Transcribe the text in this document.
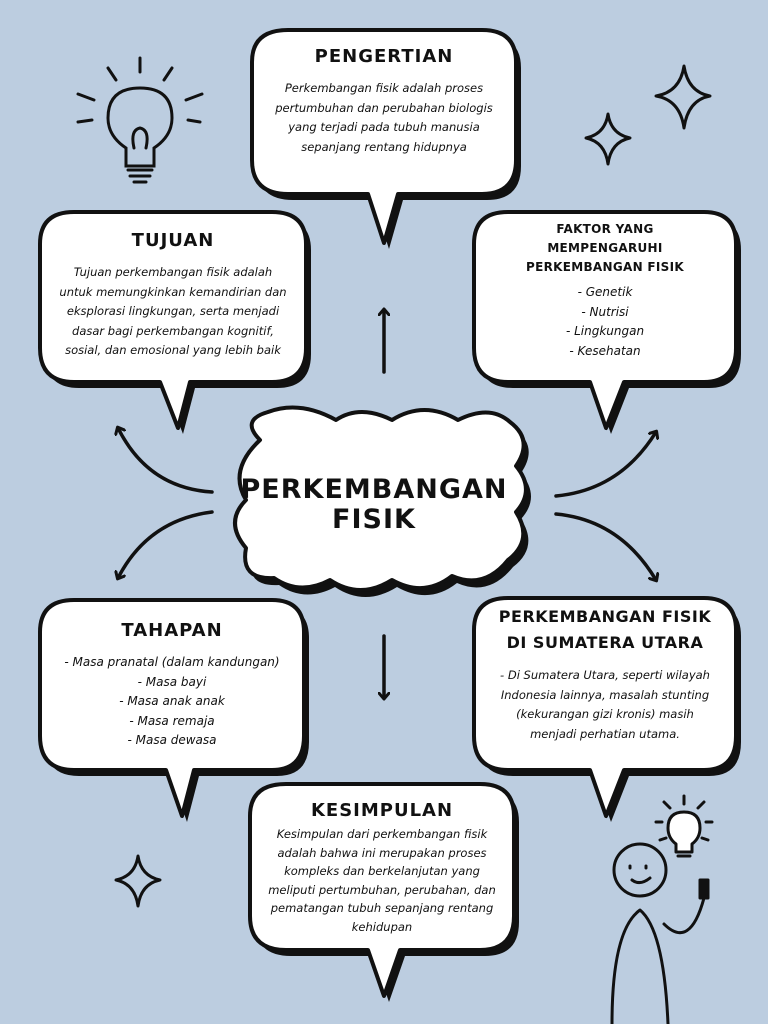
PENGERTIAN
Perkembangan fisik adalah proses
pertumbuhan dan perubahan biologis
yang terjadi pada tubuh manusia
sepanjang rentang hidupnya
TUJUAN
Tujuan perkembangan fisik adalah
untuk memungkinkan kemandirian dan
eksplorasi lingkungan, serta menjadi
dasar bagi perkembangan kognitif,
sosial, dan emosional yang lebih baik
FAKTOR YANG
MEMPENGARUHI
PERKEMBANGAN FISIK
- Genetik
- Nutrisi
- Lingkungan
- Kesehatan
TAHAPAN
- Masa pranatal (dalam kandungan)
- Masa bayi
- Masa anak anak
- Masa remaja
- Masa dewasa
PERKEMBANGAN FISIK
DI SUMATERA UTARA
- Di Sumatera Utara, seperti wilayah
Indonesia lainnya, masalah stunting
(kekurangan gizi kronis) masih
menjadi perhatian utama.
KESIMPULAN
Kesimpulan dari perkembangan fisik
adalah bahwa ini merupakan proses
kompleks dan berkelanjutan yang
meliputi pertumbuhan, perubahan, dan
pematangan tubuh sepanjang rentang
kehidupan
PERKEMBANGAN
FISIK
